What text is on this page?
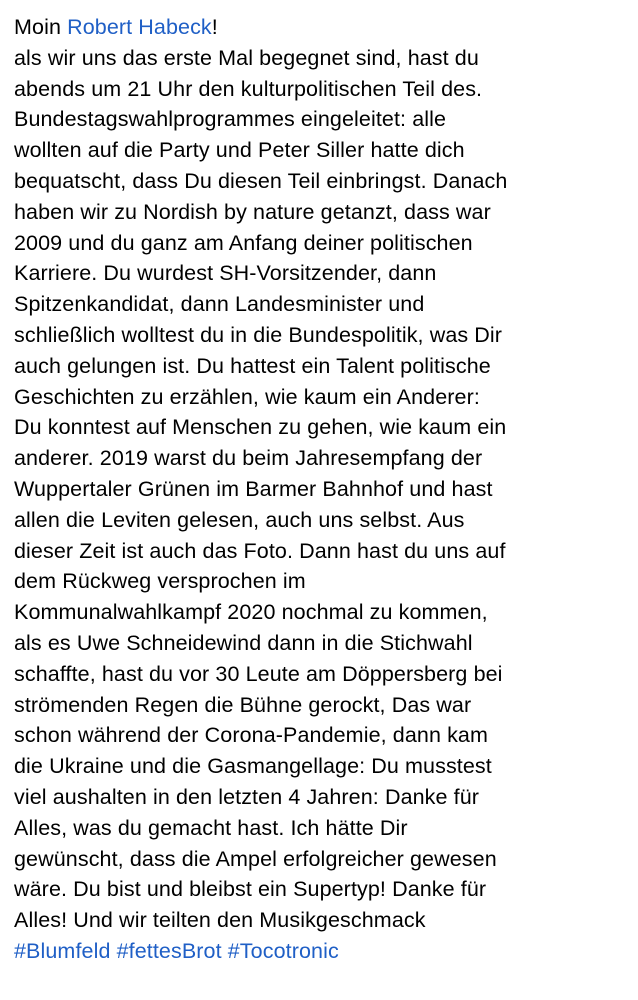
Moin Robert Habeck!
als wir uns das erste Mal begegnet sind, hast du
abends um 21 Uhr den kulturpolitischen Teil des.
Bundestagswahlprogrammes eingeleitet: alle
wollten auf die Party und Peter Siller hatte dich
bequatscht, dass Du diesen Teil einbringst. Danach
haben wir zu Nordish by nature getanzt, dass war
2009 und du ganz am Anfang deiner politischen
Karriere. Du wurdest SH-Vorsitzender, dann
Spitzenkandidat, dann Landesminister und
schließlich wolltest du in die Bundespolitik, was Dir
auch gelungen ist. Du hattest ein Talent politische
Geschichten zu erzählen, wie kaum ein Anderer:
Du konntest auf Menschen zu gehen, wie kaum ein
anderer. 2019 warst du beim Jahresempfang der
Wuppertaler Grünen im Barmer Bahnhof und hast
allen die Leviten gelesen, auch uns selbst. Aus
dieser Zeit ist auch das Foto. Dann hast du uns auf
dem Rückweg versprochen im
Kommunalwahlkampf 2020 nochmal zu kommen,
als es Uwe Schneidewind dann in die Stichwahl
schaffte, hast du vor 30 Leute am Döppersberg bei
strömenden Regen die Bühne gerockt, Das war
schon während der Corona-Pandemie, dann kam
die Ukraine und die Gasmangellage: Du musstest
viel aushalten in den letzten 4 Jahren: Danke für
Alles, was du gemacht hast. Ich hätte Dir
gewünscht, dass die Ampel erfolgreicher gewesen
wäre. Du bist und bleibst ein Supertyp! Danke für
Alles! Und wir teilten den Musikgeschmack
#Blumfeld #fettesBrot #Tocotronic
